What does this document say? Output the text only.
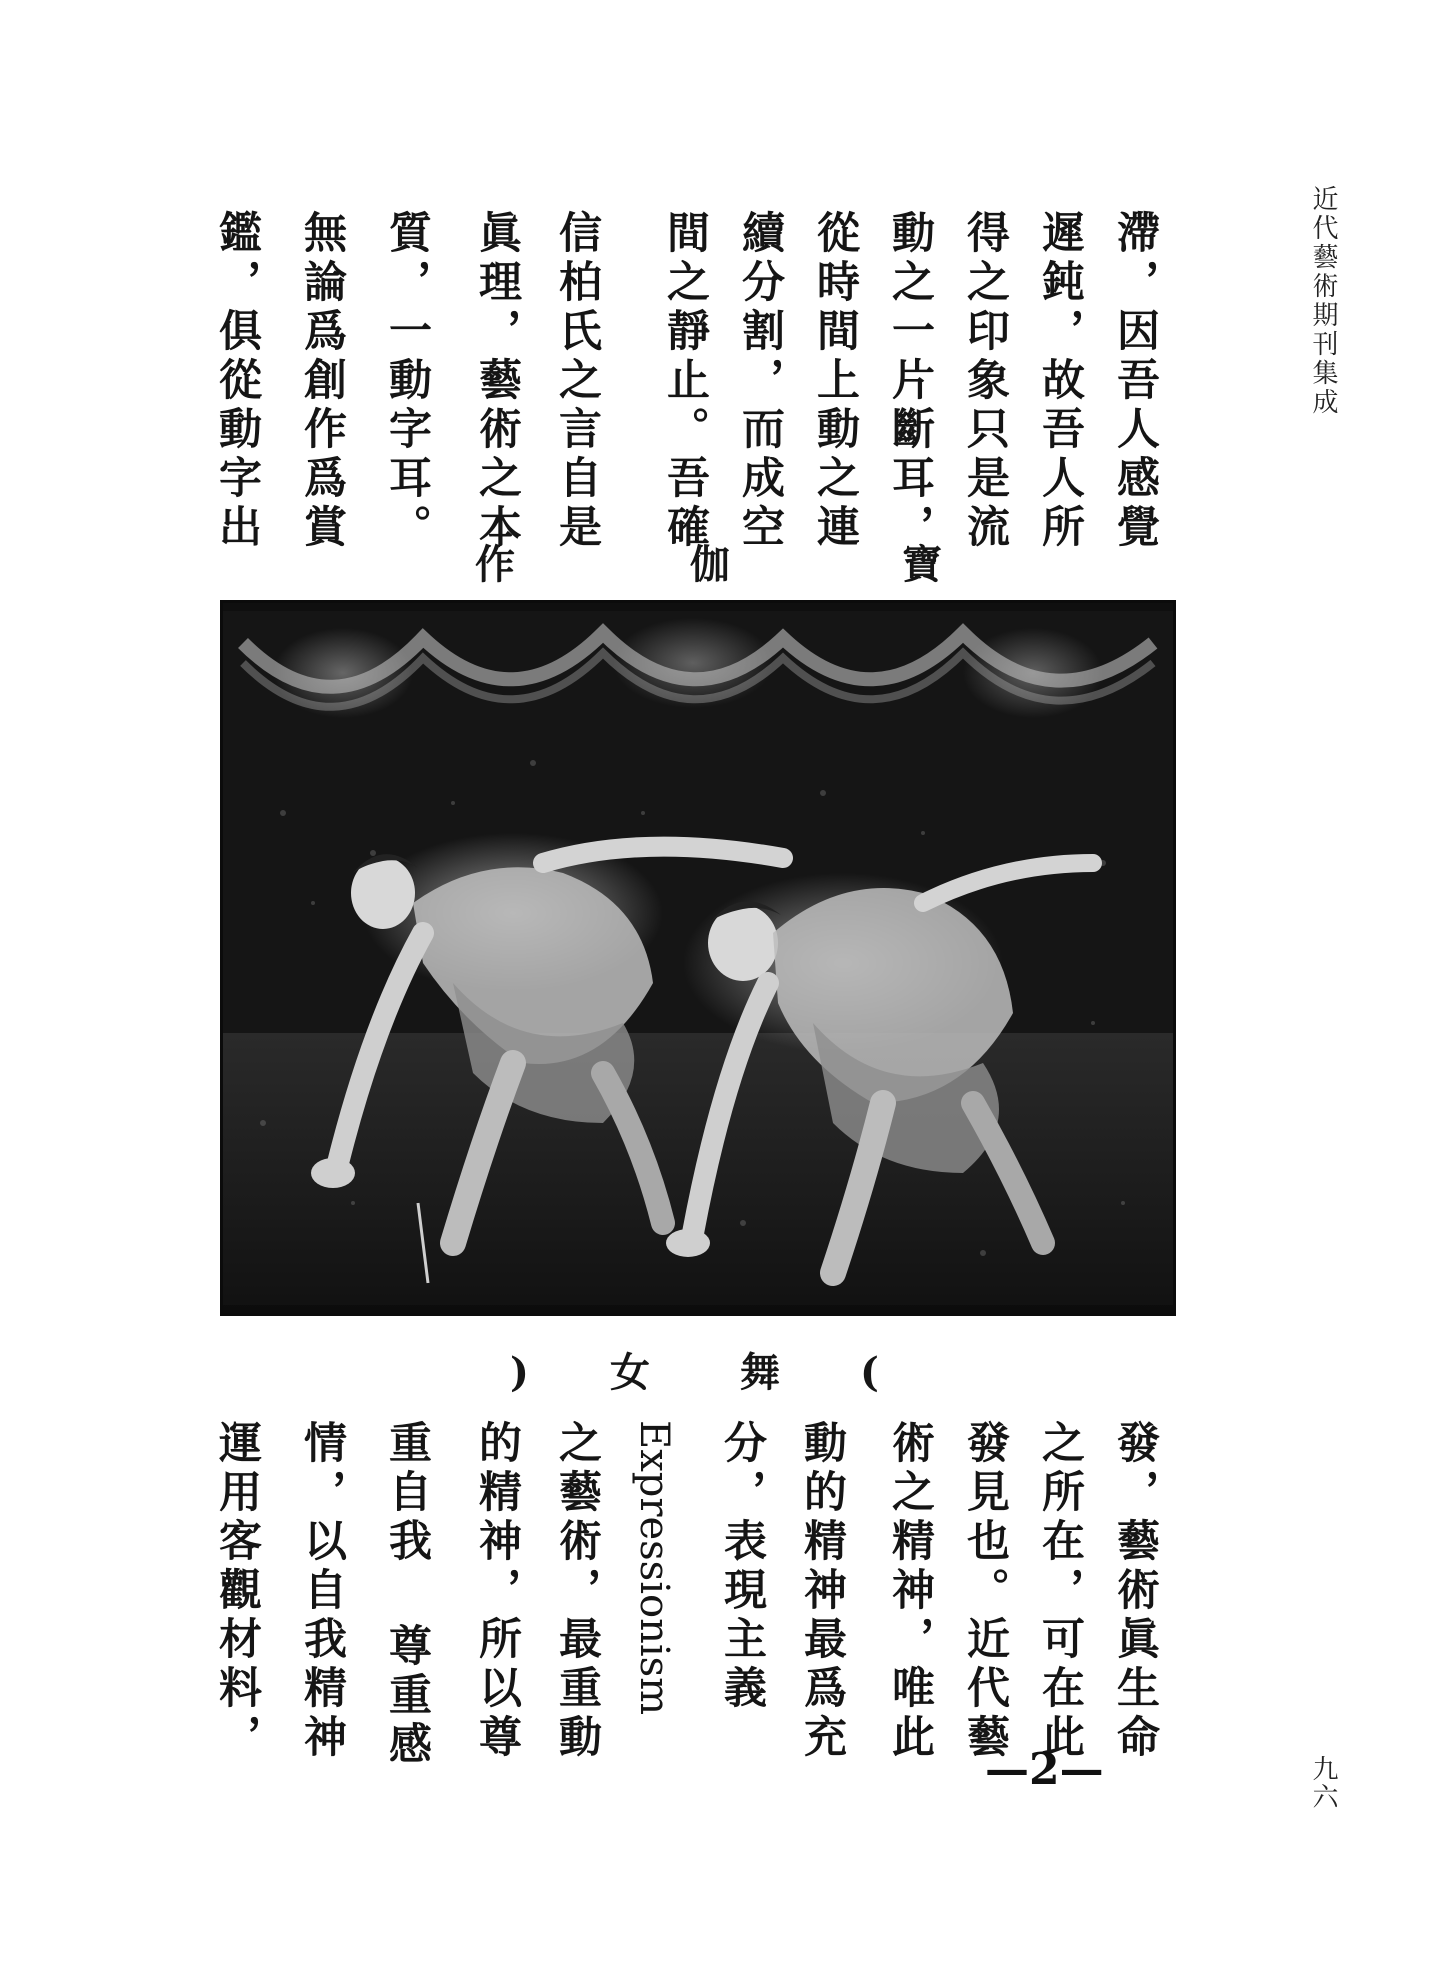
近代藝術期刊集成
滯，因吾人感覺
遲鈍，故吾人所
得之印象只是流
動之一片斷耳，
從時間上動之連
續分割，而成空
間之靜止。吾確
信柏氏之言自是
眞理，藝術之本
質，一動字耳。
無論爲創作爲賞
鑑，俱從動字出
寶
伽
作
(
舞
女
)
發，藝術眞生命
之所在，可在此
發見也。近代藝
術之精神，唯此
動的精神最爲充
分，表現主義
Expressionism
之藝術，最重動
的精神，所以尊
重自我 尊重感
情，以自我精神
運用客觀材料，
—2—	九六
